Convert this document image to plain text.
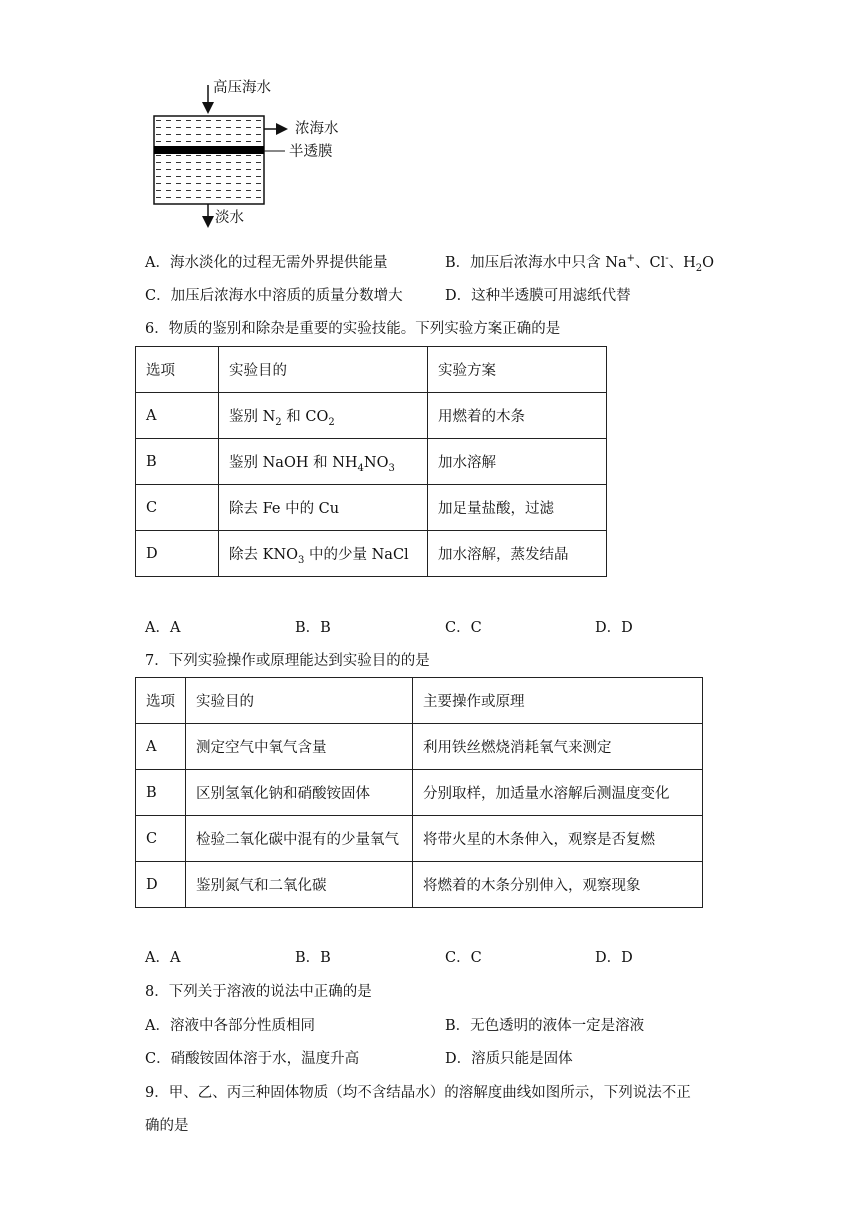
高压海水
浓海水
半透膜
淡水
A．海水淡化的过程无需外界提供能量	B．加压后浓海水中只含 Na+、Cl-、$H_2O$
C．加压后浓海水中溶质的质量分数增大	D．这种半透膜可用滤纸代替
6．物质的鉴别和除杂是重要的实验技能。下列实验方案正确的是
选项	实验目的	实验方案
A	鉴别 $N_2$ 和 $CO_2$	用燃着的木条
B	鉴别 NaOH 和 $NH_4NO_3$	加水溶解
C	除去 Fe 中的 Cu	加足量盐酸，过滤
D	除去 $KNO_3$ 中的少量 NaCl	加水溶解，蒸发结晶
A．A	B．B	C．C	D．D
7．下列实验操作或原理能达到实验目的的是
选项	实验目的	主要操作或原理
A	测定空气中氧气含量	利用铁丝燃烧消耗氧气来测定
B	区别氢氧化钠和硝酸铵固体	分别取样，加适量水溶解后测温度变化
C	检验二氧化碳中混有的少量氧气	将带火星的木条伸入，观察是否复燃
D	鉴别氮气和二氧化碳	将燃着的木条分别伸入，观察现象
A．A	B．B	C．C	D．D
8．下列关于溶液的说法中正确的是
A．溶液中各部分性质相同	B．无色透明的液体一定是溶液
C．硝酸铵固体溶于水，温度升高	D．溶质只能是固体
9．甲、乙、丙三种固体物质（均不含结晶水）的溶解度曲线如图所示，下列说法不正
确的是
